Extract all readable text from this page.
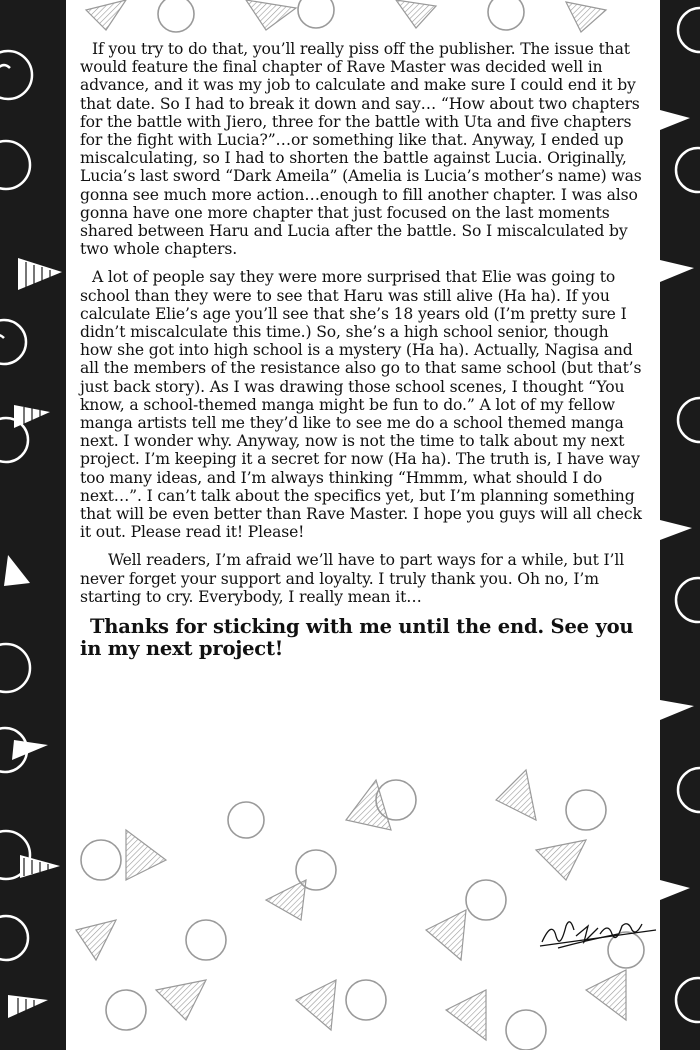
If you try to do that, you’ll really piss off the publisher. The issue that would feature the final chapter of Rave Master was decided well in advance, and it was my job to calculate and make sure I could end it by that date. So I had to break it down and say… “How about two chapters for the battle with Jiero, three for the battle with Uta and five chapters for the fight with Lucia?”…or something like that. Anyway, I ended up miscalculating, so I had to shorten the battle against Lucia. Originally, Lucia’s last sword “Dark Ameila” (Amelia is Lucia’s mother’s name) was gonna see much more action…enough to fill another chapter. I was also gonna have one more chapter that just focused on the last moments shared between Haru and Lucia after the battle. So I miscalculated by two whole chapters.

A lot of people say they were more surprised that Elie was going to school than they were to see that Haru was still alive (Ha ha). If you calculate Elie’s age you’ll see that she’s 18 years old (I’m pretty sure I didn’t miscalculate this time.) So, she’s a high school senior, though how she got into high school is a mystery (Ha ha). Actually, Nagisa and all the members of the resistance also go to that same school (but that’s just back story). As I was drawing those school scenes, I thought “You know, a school-themed manga might be fun to do.” A lot of my fellow manga artists tell me they’d like to see me do a school themed manga next. I wonder why. Anyway, now is not the time to talk about my next project. I’m keeping it a secret for now (Ha ha). The truth is, I have way too many ideas, and I’m always thinking “Hmmm, what should I do next…”. I can’t talk about the specifics yet, but I’m planning something that will be even better than Rave Master. I hope you guys will all check it out. Please read it! Please!

Well readers, I’m afraid we’ll have to part ways for a while, but I’ll never forget your support and loyalty. I truly thank you. Oh no, I’m starting to cry. Everybody, I really mean it…

Thanks for sticking with me until the end. See you in my next project!
